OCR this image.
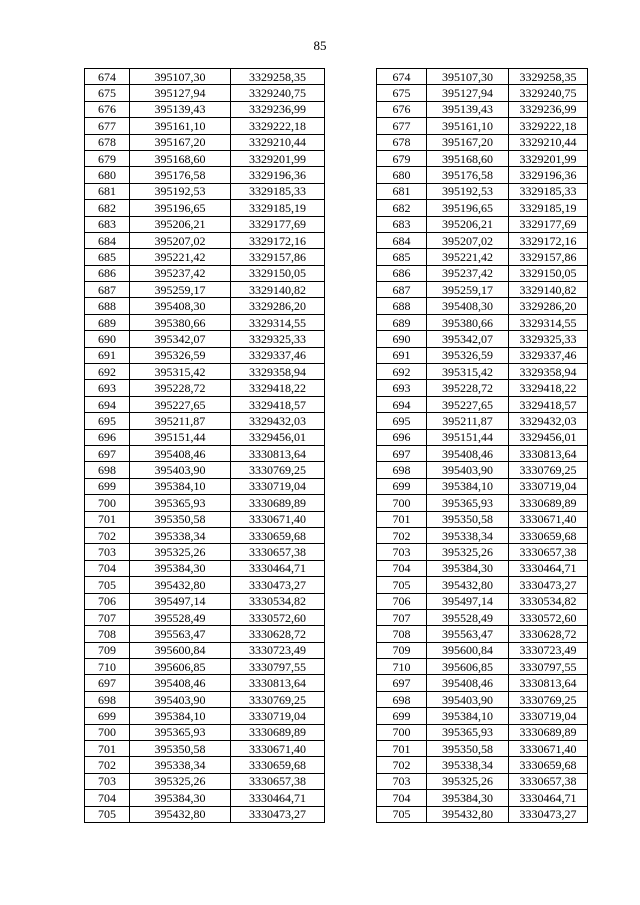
85
674	395107,30	3329258,35
675	395127,94	3329240,75
676	395139,43	3329236,99
677	395161,10	3329222,18
678	395167,20	3329210,44
679	395168,60	3329201,99
680	395176,58	3329196,36
681	395192,53	3329185,33
682	395196,65	3329185,19
683	395206,21	3329177,69
684	395207,02	3329172,16
685	395221,42	3329157,86
686	395237,42	3329150,05
687	395259,17	3329140,82
688	395408,30	3329286,20
689	395380,66	3329314,55
690	395342,07	3329325,33
691	395326,59	3329337,46
692	395315,42	3329358,94
693	395228,72	3329418,22
694	395227,65	3329418,57
695	395211,87	3329432,03
696	395151,44	3329456,01
697	395408,46	3330813,64
698	395403,90	3330769,25
699	395384,10	3330719,04
700	395365,93	3330689,89
701	395350,58	3330671,40
702	395338,34	3330659,68
703	395325,26	3330657,38
704	395384,30	3330464,71
705	395432,80	3330473,27
706	395497,14	3330534,82
707	395528,49	3330572,60
708	395563,47	3330628,72
709	395600,84	3330723,49
710	395606,85	3330797,55
697	395408,46	3330813,64
698	395403,90	3330769,25
699	395384,10	3330719,04
700	395365,93	3330689,89
701	395350,58	3330671,40
702	395338,34	3330659,68
703	395325,26	3330657,38
704	395384,30	3330464,71
705	395432,80	3330473,27
674	395107,30	3329258,35
675	395127,94	3329240,75
676	395139,43	3329236,99
677	395161,10	3329222,18
678	395167,20	3329210,44
679	395168,60	3329201,99
680	395176,58	3329196,36
681	395192,53	3329185,33
682	395196,65	3329185,19
683	395206,21	3329177,69
684	395207,02	3329172,16
685	395221,42	3329157,86
686	395237,42	3329150,05
687	395259,17	3329140,82
688	395408,30	3329286,20
689	395380,66	3329314,55
690	395342,07	3329325,33
691	395326,59	3329337,46
692	395315,42	3329358,94
693	395228,72	3329418,22
694	395227,65	3329418,57
695	395211,87	3329432,03
696	395151,44	3329456,01
697	395408,46	3330813,64
698	395403,90	3330769,25
699	395384,10	3330719,04
700	395365,93	3330689,89
701	395350,58	3330671,40
702	395338,34	3330659,68
703	395325,26	3330657,38
704	395384,30	3330464,71
705	395432,80	3330473,27
706	395497,14	3330534,82
707	395528,49	3330572,60
708	395563,47	3330628,72
709	395600,84	3330723,49
710	395606,85	3330797,55
697	395408,46	3330813,64
698	395403,90	3330769,25
699	395384,10	3330719,04
700	395365,93	3330689,89
701	395350,58	3330671,40
702	395338,34	3330659,68
703	395325,26	3330657,38
704	395384,30	3330464,71
705	395432,80	3330473,27
